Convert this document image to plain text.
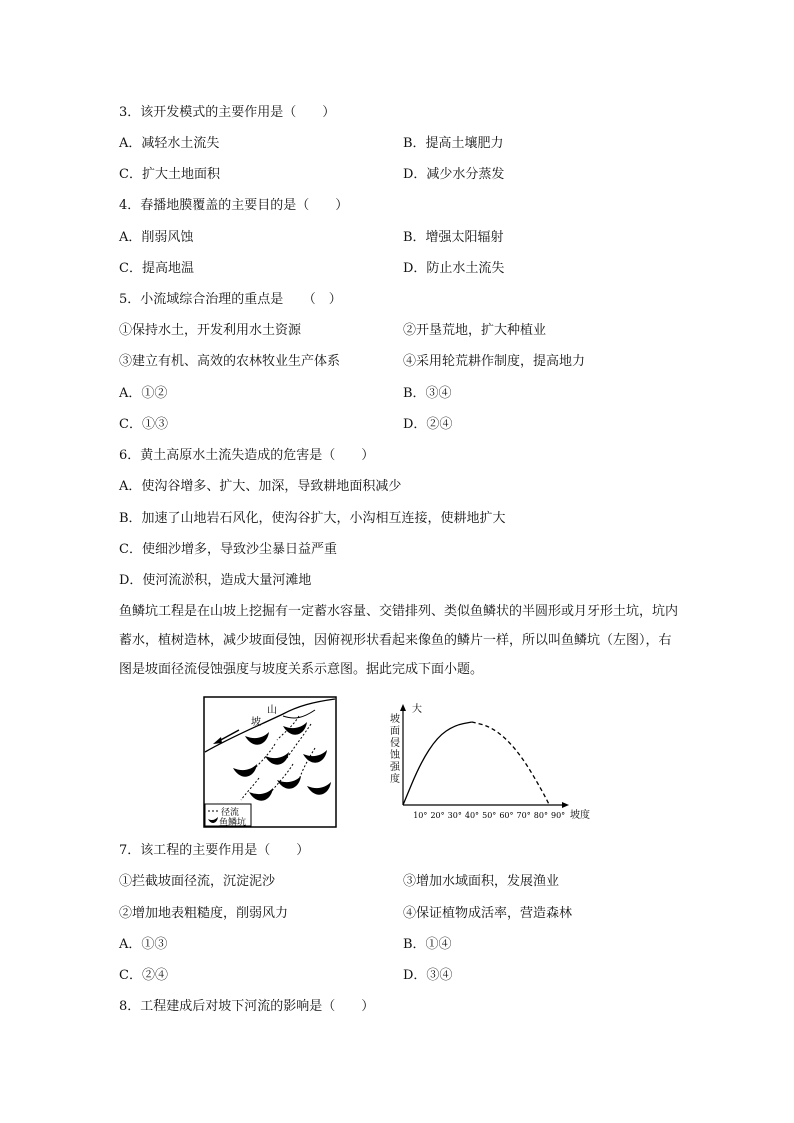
3．该开发模式的主要作用是（　　）
A．减轻水土流失	B．提高土壤肥力
C．扩大土地面积	D．减少水分蒸发
4．春播地膜覆盖的主要目的是（　　）
A．削弱风蚀	B．增强太阳辐射
C．提高地温	D．防止水土流失
5．小流域综合治理的重点是　　（　）
①保持水土，开发利用水土资源	②开垦荒地，扩大种植业
③建立有机、高效的农林牧业生产体系	④采用轮荒耕作制度，提高地力
A．①②	B．③④
C．①③	D．②④
6．黄土高原水土流失造成的危害是（　　）
A．使沟谷增多、扩大、加深，导致耕地面积减少
B．加速了山地岩石风化，使沟谷扩大，小沟相互连接，使耕地扩大
C．使细沙增多，导致沙尘暴日益严重
D．使河流淤积，造成大量河滩地
鱼鳞坑工程是在山坡上挖掘有一定蓄水容量、交错排列、类似鱼鳞状的半圆形或月牙形土坑，坑内蓄水，植树造林，减少坡面侵蚀，因俯视形状看起来像鱼的鳞片一样，所以叫鱼鳞坑（左图），右图是坡面径流侵蚀强度与坡度关系示意图。据此完成下面小题。
坡
山
径流
鱼鳞坑
大
坡度
坡
面
侵
蚀
强
度
10° 20° 30° 40° 50° 60° 70° 80° 90°
7．该工程的主要作用是（　　）
①拦截坡面径流，沉淀泥沙	③增加水域面积，发展渔业
②增加地表粗糙度，削弱风力	④保证植物成活率，营造森林
A．①③	B．①④
C．②④	D．③④
8．工程建成后对坡下河流的影响是（　　）
